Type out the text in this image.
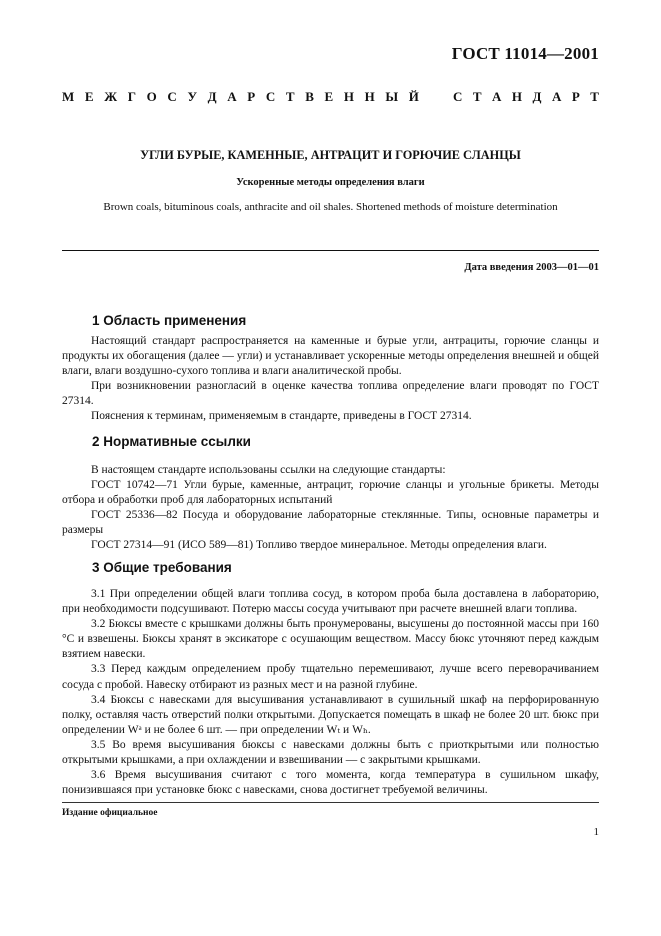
ГОСТ 11014—2001
М Е Ж Г О С У Д А Р С Т В Е Н Н Ы Й	С Т А Н Д А Р Т
УГЛИ БУРЫЕ, КАМЕННЫЕ, АНТРАЦИТ И ГОРЮЧИЕ СЛАНЦЫ
Ускоренные методы определения влаги
Brown coals, bituminous coals, anthracite and oil shales. Shortened methods of moisture determination
Дата введения 2003—01—01
1 Область применения

Настоящий стандарт распространяется на каменные и бурые угли, антрациты, горючие сланцы и продукты их обогащения (далее — угли) и устанавливает ускоренные методы определения внешней и общей влаги, влаги воздушно-сухого топлива и влаги аналитической пробы.

При возникновении разногласий в оценке качества топлива определение влаги проводят по ГОСТ 27314.

Пояснения к терминам, применяемым в стандарте, приведены в ГОСТ 27314.

2 Нормативные ссылки

В настоящем стандарте использованы ссылки на следующие стандарты:

ГОСТ 10742—71 Угли бурые, каменные, антрацит, горючие сланцы и угольные брикеты. Методы отбора и обработки проб для лабораторных испытаний

ГОСТ 25336—82 Посуда и оборудование лабораторные стеклянные. Типы, основные параметры и размеры

ГОСТ 27314—91 (ИСО 589—81) Топливо твердое минеральное. Методы определения влаги.

3 Общие требования

3.1 При определении общей влаги топлива сосуд, в котором проба была доставлена в лабораторию, при необходимости подсушивают. Потерю массы сосуда учитывают при расчете внешней влаги топлива.

3.2 Бюксы вместе с крышками должны быть пронумерованы, высушены до постоянной массы при 160 °С и взвешены. Бюксы хранят в эксикаторе с осушающим веществом. Массу бюкс уточняют перед каждым взятием навески.

3.3 Перед каждым определением пробу тщательно перемешивают, лучше всего переворачиванием сосуда с пробой. Навеску отбирают из разных мест и на разной глубине.

3.4 Бюксы с навесками для высушивания устанавливают в сушильный шкаф на перфорированную полку, оставляя часть отверстий полки открытыми. Допускается помещать в шкаф не более 20 шт. бюкс при определении Wᵃ и не более 6 шт. — при определении Wₜ и Wₕ.

3.5 Во время высушивания бюксы с навесками должны быть с приоткрытыми или полностью открытыми крышками, а при охлаждении и взвешивании — с закрытыми крышками.

3.6 Время высушивания считают с того момента, когда температура в сушильном шкафу, понизившаяся при установке бюкс с навесками, снова достигнет требуемой величины.

Издание официальное
1
